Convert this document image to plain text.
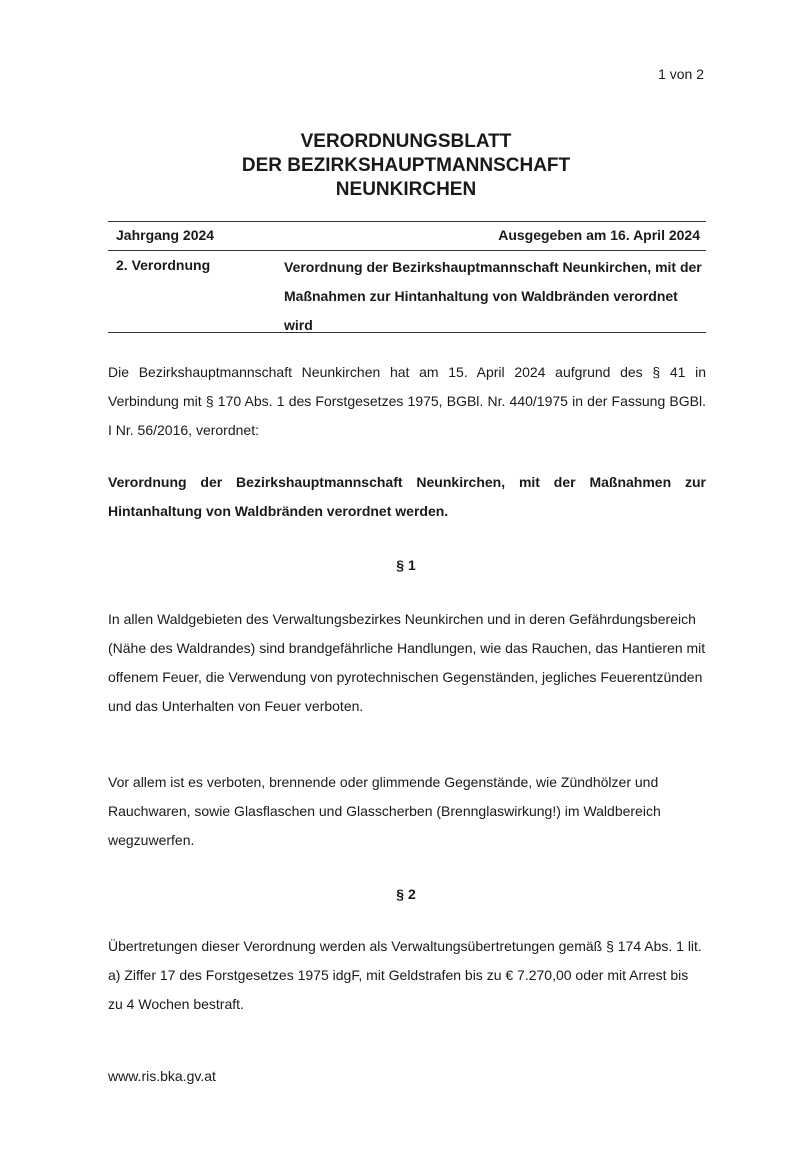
1 von 2
VERORDNUNGSBLATT
DER BEZIRKSHAUPTMANNSCHAFT
NEUNKIRCHEN
Jahrgang 2024	Ausgegeben am 16. April 2024
2. Verordnung	Verordnung der Bezirkshauptmannschaft Neunkirchen, mit der Maßnahmen zur Hintanhaltung von Waldbränden verordnet wird
Die Bezirkshauptmannschaft Neunkirchen hat am 15. April 2024 aufgrund des § 41 in Verbindung mit § 170 Abs. 1 des Forstgesetzes 1975, BGBl. Nr. 440/1975 in der Fassung BGBl. I Nr. 56/2016, verordnet:
Verordnung der Bezirkshauptmannschaft Neunkirchen, mit der Maßnahmen zur Hintanhaltung von Waldbränden verordnet werden.
§ 1
In allen Waldgebieten des Verwaltungsbezirkes Neunkirchen und in deren Gefährdungsbereich (Nähe des Waldrandes) sind brandgefährliche Handlungen, wie das Rauchen, das Hantieren mit offenem Feuer, die Verwendung von pyrotechnischen Gegenständen, jegliches Feuerentzünden und das Unterhalten von Feuer verboten.
Vor allem ist es verboten, brennende oder glimmende Gegenstände, wie Zündhölzer und Rauchwaren, sowie Glasflaschen und Glasscherben (Brennglaswirkung!) im Waldbereich wegzuwerfen.
§ 2
Übertretungen dieser Verordnung werden als Verwaltungsübertretungen gemäß § 174 Abs. 1 lit. a) Ziffer 17 des Forstgesetzes 1975 idgF, mit Geldstrafen bis zu € 7.270,00 oder mit Arrest bis zu 4 Wochen bestraft.
www.ris.bka.gv.at
